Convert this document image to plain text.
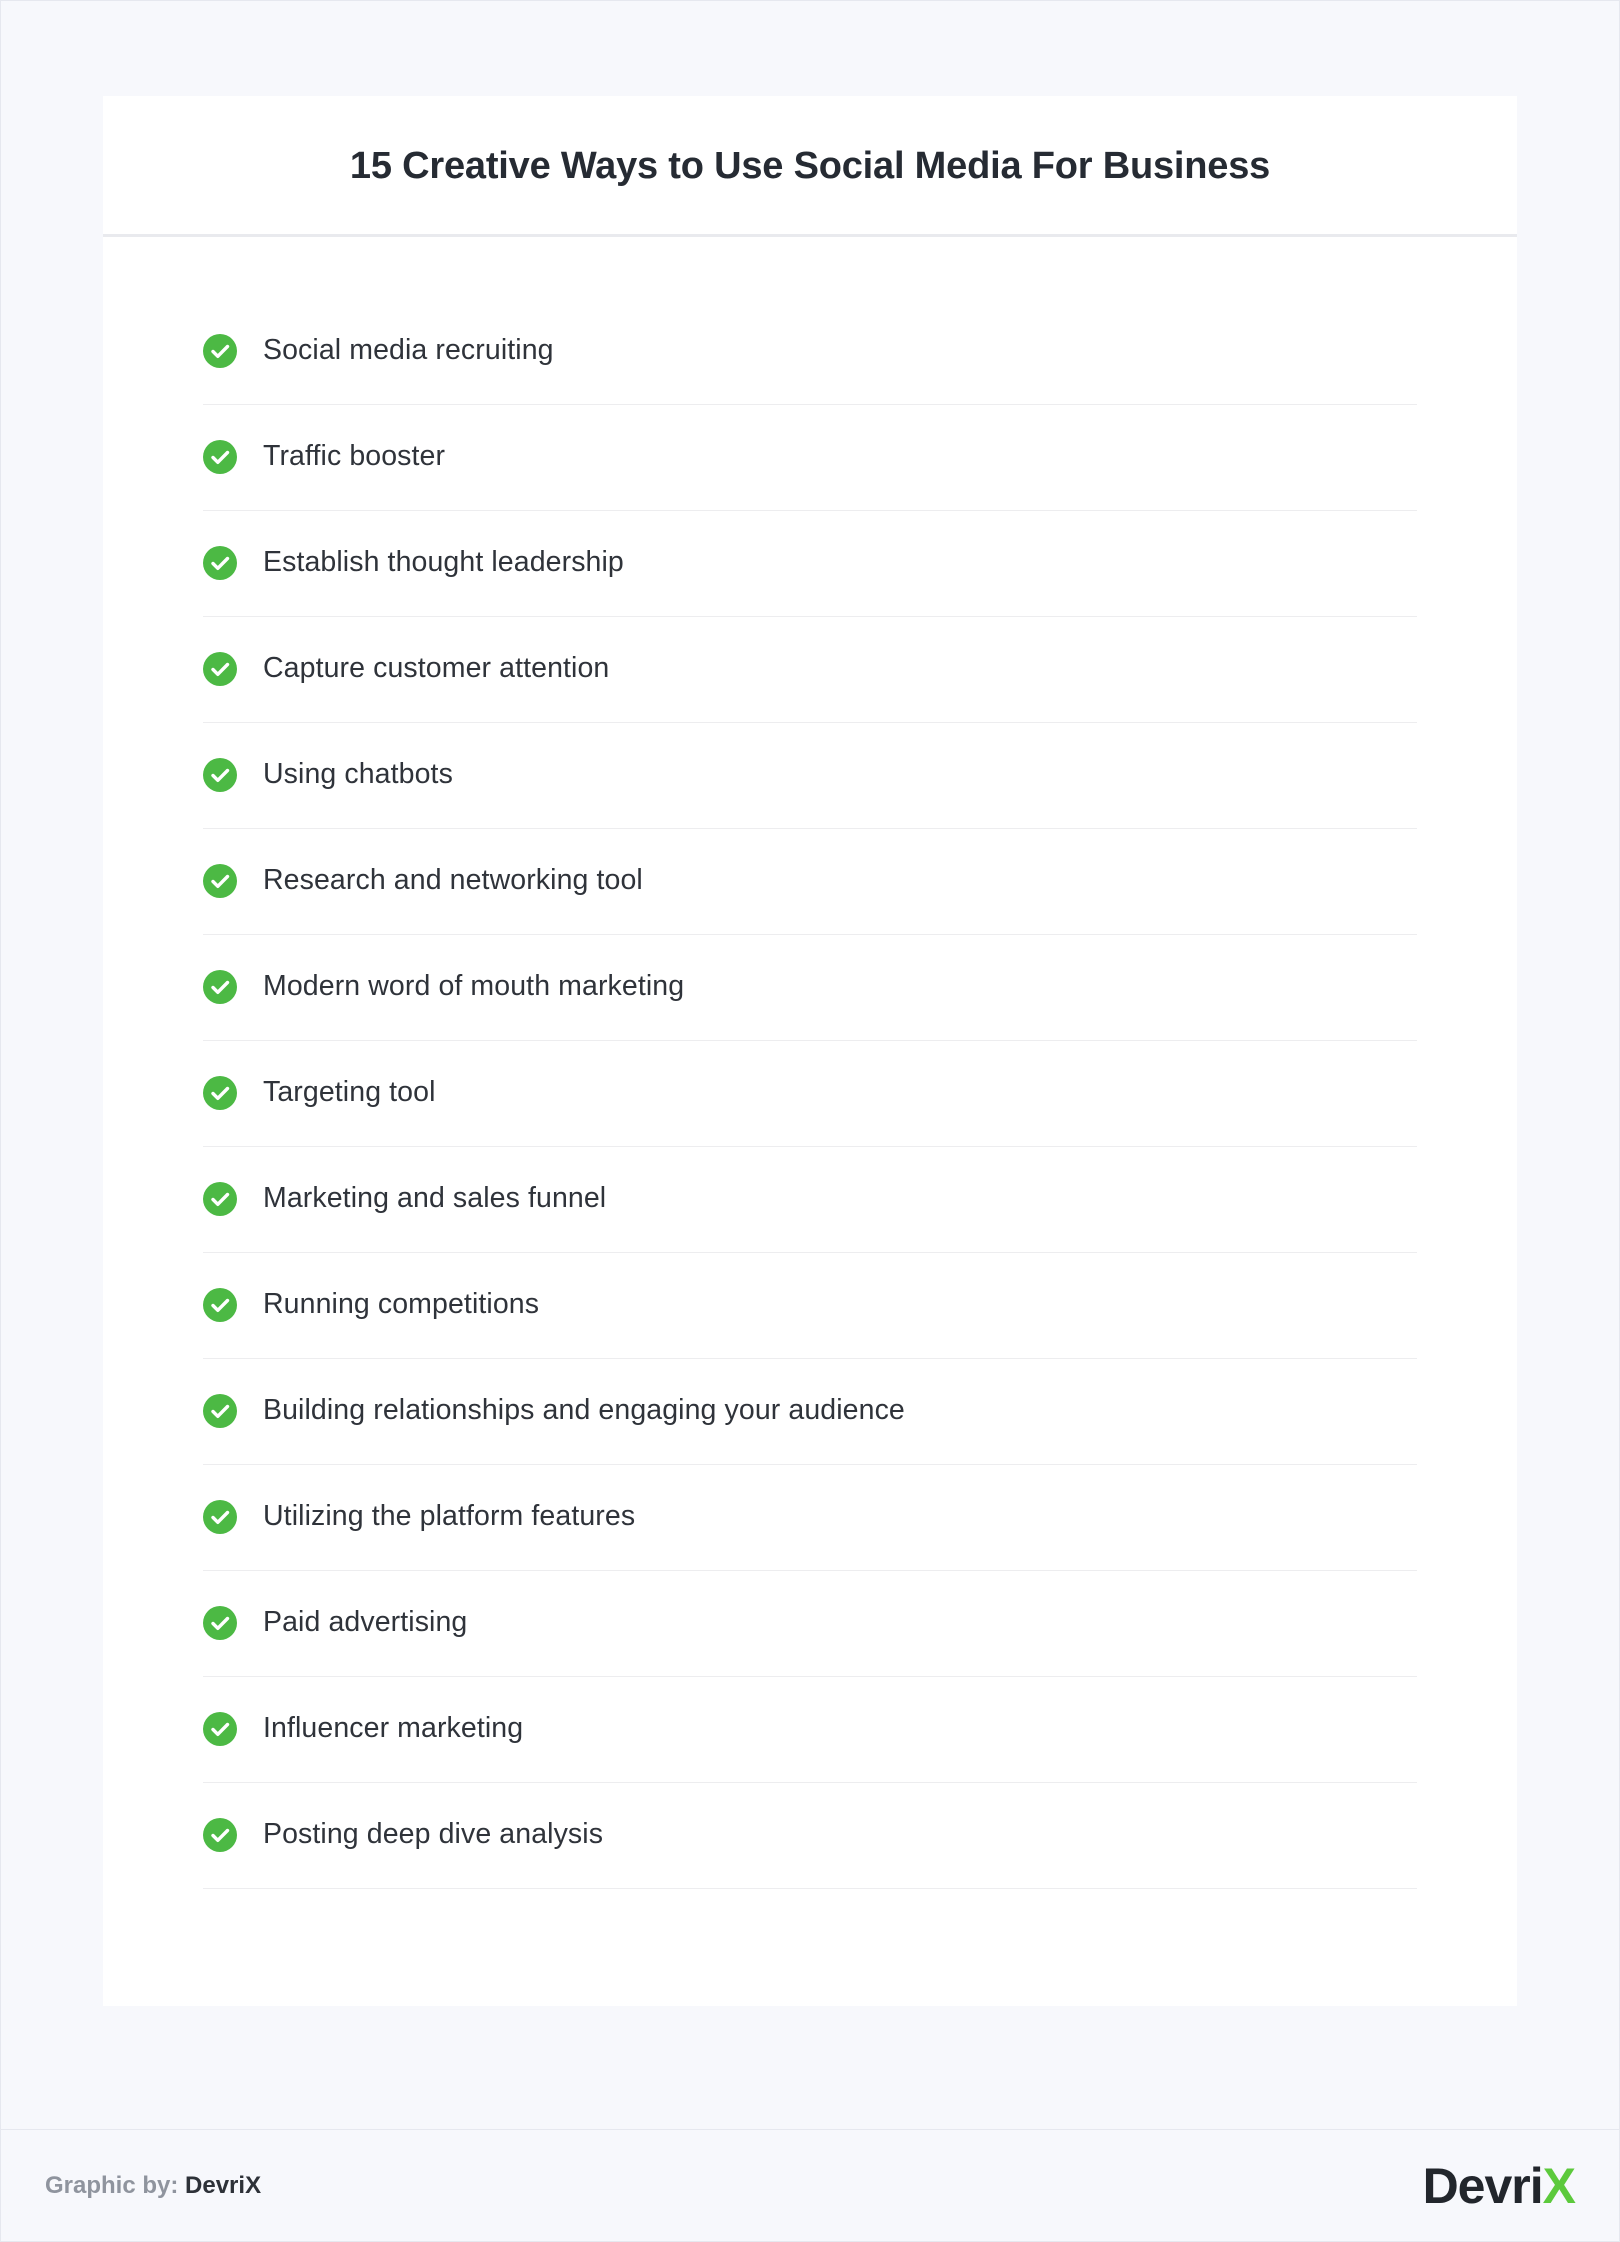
15 Creative Ways to Use Social Media For Business
Social media recruiting
Traffic booster
Establish thought leadership
Capture customer attention
Using chatbots
Research and networking tool
Modern word of mouth marketing
Targeting tool
Marketing and sales funnel
Running competitions
Building relationships and engaging your audience
Utilizing the platform features
Paid advertising
Influencer marketing
Posting deep dive analysis
Graphic by: DevriX	Devri X
